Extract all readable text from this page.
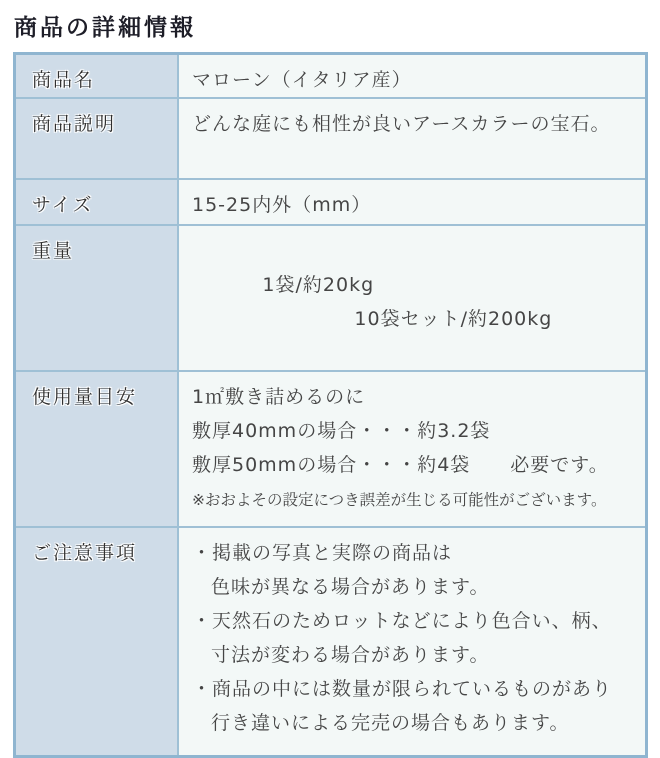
商品の詳細情報
商品名	マローン（イタリア産）

商品説明	どんな庭にも相性が良いアースカラーの宝石。

サイズ	15-25内外（mm）

重量	1袋/約20kg
10袋セット/約200kg

使用量目安	1㎡敷き詰めるのに
敷厚40mmの場合・・・約3.2袋
敷厚50mmの場合・・・約4袋　　必要です。
※おおよその設定につき誤差が生じる可能性がございます。

ご注意事項	・掲載の写真と実際の商品は
色味が異なる場合があります。
・天然石のためロットなどにより色合い、柄、
寸法が変わる場合があります。
・商品の中には数量が限られているものがあり
行き違いによる完売の場合もあります。
